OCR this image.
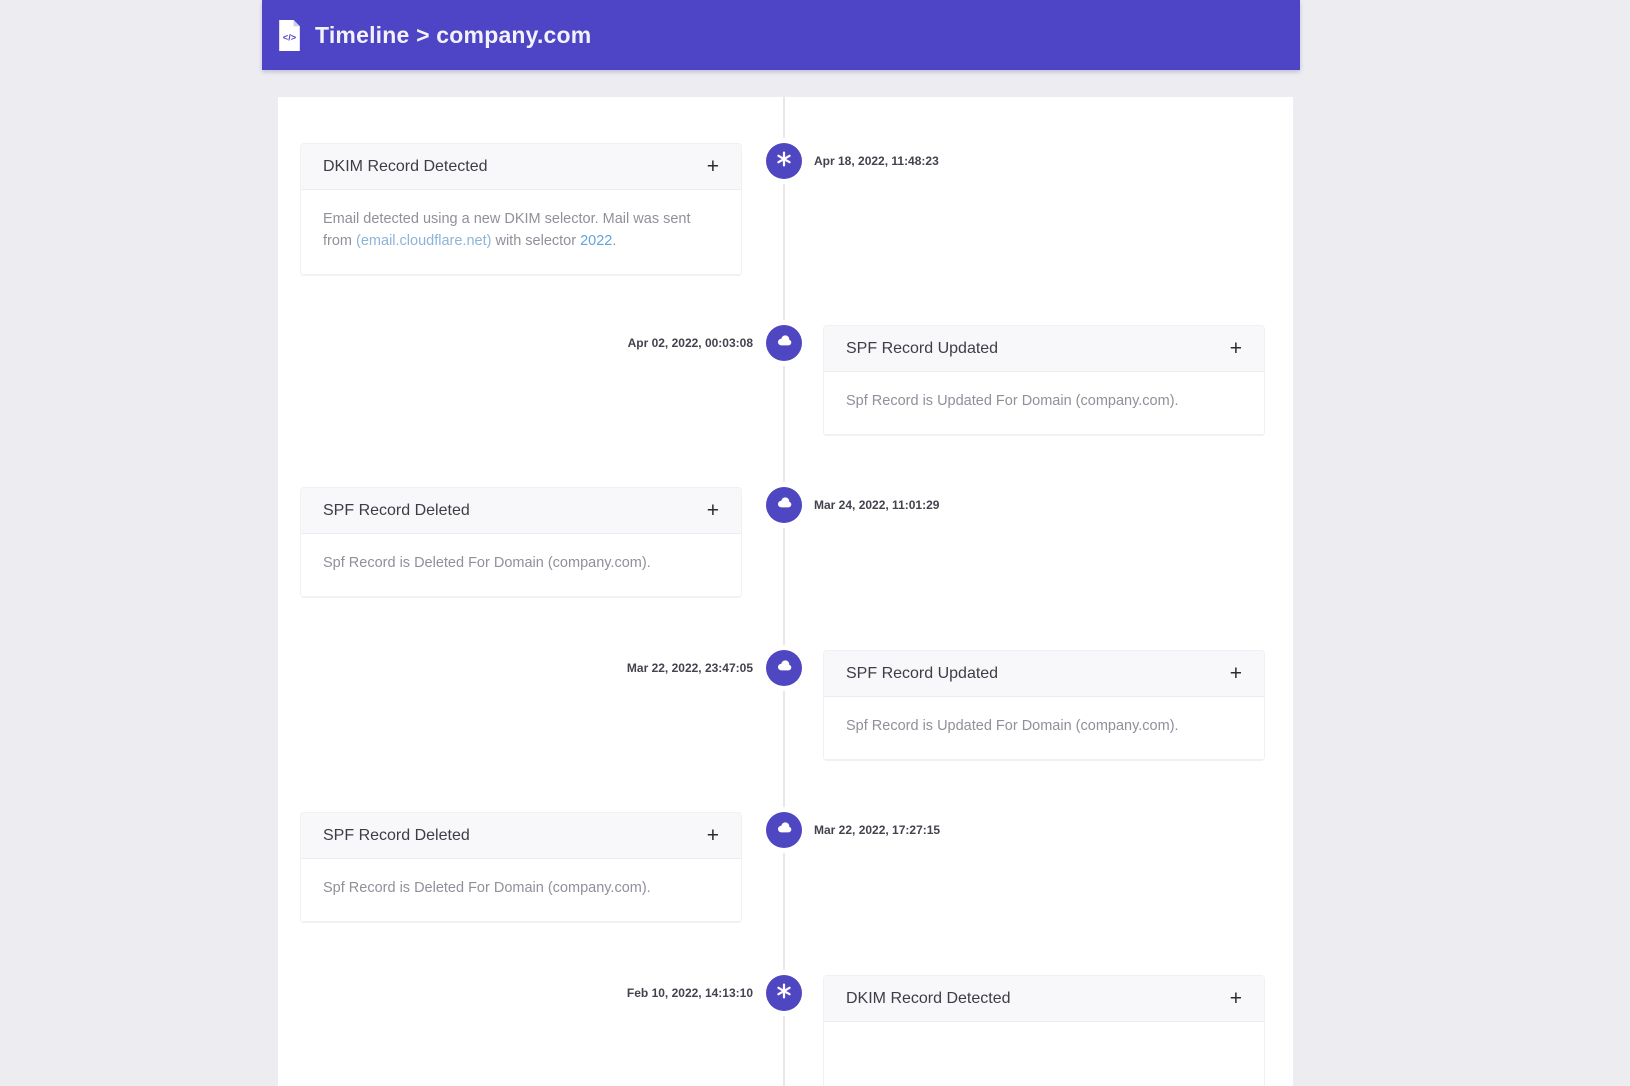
</> Timeline > company.com
DKIM Record Detected	+
Email detected using a new DKIM selector. Mail was sent from (email.cloudflare.net) with selector 2022.
Apr 18, 2022, 11:48:23
SPF Record Updated	+
Spf Record is Updated For Domain (company.com).
Apr 02, 2022, 00:03:08
SPF Record Deleted	+
Spf Record is Deleted For Domain (company.com).
Mar 24, 2022, 11:01:29
SPF Record Updated	+
Spf Record is Updated For Domain (company.com).
Mar 22, 2022, 23:47:05
SPF Record Deleted	+
Spf Record is Deleted For Domain (company.com).
Mar 22, 2022, 17:27:15
DKIM Record Detected	+
Feb 10, 2022, 14:13:10
